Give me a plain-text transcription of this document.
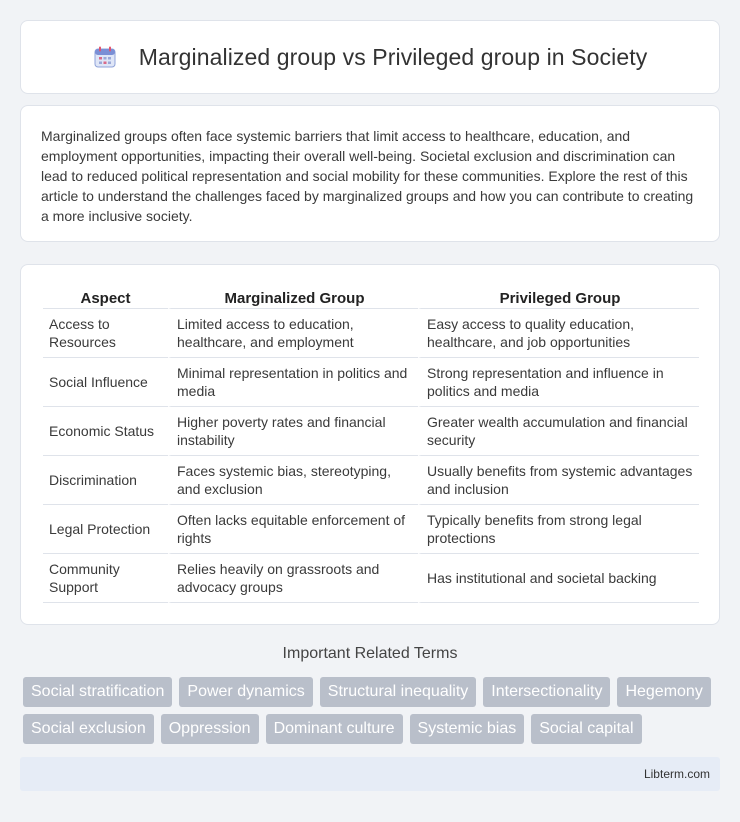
Marginalized group vs Privileged group in Society

Marginalized groups often face systemic barriers that limit access to healthcare, education, and employment opportunities, impacting their overall well-being. Societal exclusion and discrimination can lead to reduced political representation and social mobility for these communities. Explore the rest of this article to understand the challenges faced by marginalized groups and how you can contribute to creating a more inclusive society.

Aspect	Marginalized Group	Privileged Group
Access to Resources	Limited access to education, healthcare, and employment	Easy access to quality education, healthcare, and job opportunities
Social Influence	Minimal representation in politics and media	Strong representation and influence in politics and media
Economic Status	Higher poverty rates and financial instability	Greater wealth accumulation and financial security
Discrimination	Faces systemic bias, stereotyping, and exclusion	Usually benefits from systemic advantages and inclusion
Legal Protection	Often lacks equitable enforcement of rights	Typically benefits from strong legal protections
Community Support	Relies heavily on grassroots and advocacy groups	Has institutional and societal backing
Important Related Terms
Social stratification	Power dynamics	Structural inequality	Intersectionality	Hegemony
Social exclusion	Oppression	Dominant culture	Systemic bias	Social capital
Libterm.com
